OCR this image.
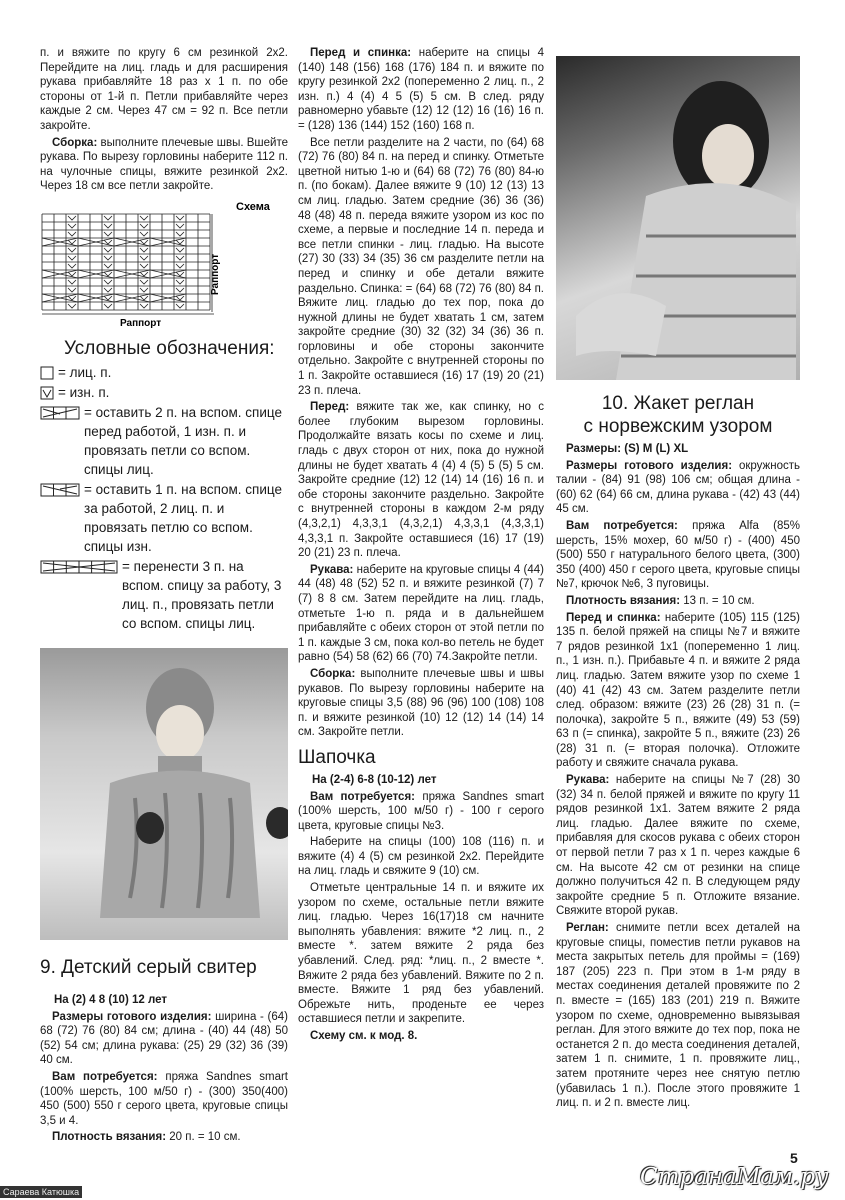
п. и вяжите по кругу 6 см резинкой 2х2. Перейдите на лиц. гладь и для расширения рукава прибавляйте 18 раз х 1 п. по обе стороны от 1-й п. Петли прибавляйте через каждые 2 см. Через 47 см = 92 п. Все петли закройте.

Сборка: выполните плечевые швы. Вшейте рукава. По вырезу горловины наберите 112 п. на чулочные спицы, вяжите резинкой 2х2. Через 18 см все петли закройте.

Схема
Раппорт
Раппорт
Условные обозначения:
= лиц. п.
= изн. п.
= оставить 2 п. на вспом. спице перед работой, 1 изн. п. и провязать петли со вспом. спицы лиц.
= оставить 1 п. на вспом. спице за работой, 2 лиц. п. и провязать петлю со вспом. спицы изн.
= перенести 3 п. на вспом. спицу за работу, 3 лиц. п., провязать петли со вспом. спицы лиц.
9. Детский серый свитер

На (2) 4 8 (10) 12 лет

Размеры готового изделия: ширина - (64) 68 (72) 76 (80) 84 см; длина - (40) 44 (48) 50 (52) 54 см; длина рукава: (25) 29 (32) 36 (39) 40 см.

Вам потребуется: пряжа Sandnes smart (100% шерсть, 100 м/50 г) - (300) 350(400) 450 (500) 550 г серого цвета, круговые спицы 3,5 и 4.

Плотность вязания: 20 п. = 10 см.

Перед и спинка: наберите на спицы 4 (140) 148 (156) 168 (176) 184 п. и вяжите по кругу резинкой 2х2 (попеременно 2 лиц. п., 2 изн. п.) 4 (4) 4 5 (5) 5 см. В след. ряду равномерно убавьте (12) 12 (12) 16 (16) 16 п. = (128) 136 (144) 152 (160) 168 п.

Все петли разделите на 2 части, по (64) 68 (72) 76 (80) 84 п. на перед и спинку. Отметьте цветной нитью 1-ю и (64) 68 (72) 76 (80) 84-ю п. (по бокам). Далее вяжите 9 (10) 12 (13) 13 см лиц. гладью. Затем средние (36) 36 (36) 48 (48) 48 п. переда вяжите узором из кос по схеме, а первые и последние 14 п. переда и все петли спинки - лиц. гладью. На высоте (27) 30 (33) 34 (35) 36 см разделите петли на перед и спинку и обе детали вяжите раздельно. Спинка: = (64) 68 (72) 76 (80) 84 п. Вяжите лиц. гладью до тех пор, пока до нужной длины не будет хватать 1 см, затем закройте средние (30) 32 (32) 34 (36) 36 п. горловины и обе стороны закончите отдельно. Закройте с внутренней стороны по 1 п. Закройте оставшиеся (16) 17 (19) 20 (21) 23 п. плеча.

Перед: вяжите так же, как спинку, но с более глубоким вырезом горловины. Продолжайте вязать косы по схеме и лиц. гладь с двух сторон от них, пока до нужной длины не будет хватать 4 (4) 4 (5) 5 (5) 5 см. Закройте средние (12) 12 (14) 14 (16) 16 п. и обе стороны закончите раздельно. Закройте с внутренней стороны в каждом 2-м ряду (4,3,2,1) 4,3,3,1 (4,3,2,1) 4,3,3,1 (4,3,3,1) 4,3,3,1 п. Закройте оставшиеся (16) 17 (19) 20 (21) 23 п. плеча.

Рукава: наберите на круговые спицы 4 (44) 44 (48) 48 (52) 52 п. и вяжите резинкой (7) 7 (7) 8 8 см. Затем перейдите на лиц. гладь, отметьте 1-ю п. ряда и в дальнейшем прибавляйте с обеих сторон от этой петли по 1 п. каждые 3 см, пока кол-во петель не будет равно (54) 58 (62) 66 (70) 74.Закройте петли.

Сборка: выполните плечевые швы и швы рукавов. По вырезу горловины наберите на круговые спицы 3,5 (88) 96 (96) 100 (108) 108 п. и вяжите резинкой (10) 12 (12) 14 (14) 14 см. Закройте петли.

Шапочка

На (2-4) 6-8 (10-12) лет

Вам потребуется: пряжа Sandnes smart (100% шерсть, 100 м/50 г) - 100 г серого цвета, круговые спицы №3.

Наберите на спицы (100) 108 (116) п. и вяжите (4) 4 (5) см резинкой 2х2. Перейдите на лиц. гладь и свяжите 9 (10) см.

Отметьте центральные 14 п. и вяжите их узором по схеме, остальные петли вяжите лиц. гладью. Через 16(17)18 см начните выполнять убавления: вяжите *2 лиц. п., 2 вместе *. затем вяжите 2 ряда без убавлений. След. ряд: *лиц. п., 2 вместе *. Вяжите 2 ряда без убавлений. Вяжите по 2 п. вместе. Вяжите 1 ряд без убавлений. Обрежьте нить, проденьте ее через оставшиеся петли и закрепите.

Схему см. к мод. 8.

10. Жакет реглан
с норвежским узором

Размеры: (S) M (L) XL

Размеры готового изделия: окружность талии - (84) 91 (98) 106 см; общая длина - (60) 62 (64) 66 см, длина рукава - (42) 43 (44) 45 см.

Вам потребуется: пряжа Alfa (85% шерсть, 15% мохер, 60 м/50 г) - (400) 450 (500) 550 г натурального белого цвета, (300) 350 (400) 450 г серого цвета, круговые спицы №7, крючок №6, 3 пуговицы.

Плотность вязания: 13 п. = 10 см.

Перед и спинка: наберите (105) 115 (125) 135 п. белой пряжей на спицы №7 и вяжите 7 рядов резинкой 1х1 (попеременно 1 лиц. п., 1 изн. п.). Прибавьте 4 п. и вяжите 2 ряда лиц. гладью. Затем вяжите узор по схеме 1 (40) 41 (42) 43 см. Затем разделите петли след. образом: вяжите (23) 26 (28) 31 п. (= полочка), закройте 5 п., вяжите (49) 53 (59) 63 п (= спинка), закройте 5 п., вяжите (23) 26 (28) 31 п. (= вторая полочка). Отложите работу и свяжите сначала рукава.

Рукава: наберите на спицы №7 (28) 30 (32) 34 п. белой пряжей и вяжите по кругу 11 рядов резинкой 1х1. Затем вяжите 2 ряда лиц. гладью. Далее вяжите по схеме, прибавляя для скосов рукава с обеих сторон от первой петли 7 раз х 1 п. через каждые 6 см. На высоте 42 см от резинки на спице должно получиться 42 п. В следующем ряду закройте средние 5 п. Отложите вязание. Свяжите второй рукав.

Реглан: снимите петли всех деталей на круговые спицы, поместив петли рукавов на места закрытых петель для проймы = (169) 187 (205) 223 п. При этом в 1-м ряду в местах соединения деталей провяжите по 2 п. вместе = (165) 183 (201) 219 п. Вяжите узором по схеме, одновременно вывязывая реглан. Для этого вяжите до тех пор, пока не останется 2 п. до места соединения деталей, затем 1 п. снимите, 1 п. провяжите лиц., затем протяните через нее снятую петлю (убавилась 1 п.). После этого провяжите 1 лиц. п. и 2 п. вместе лиц.

5
СтранаМам.ру
Сараева Катюшка
